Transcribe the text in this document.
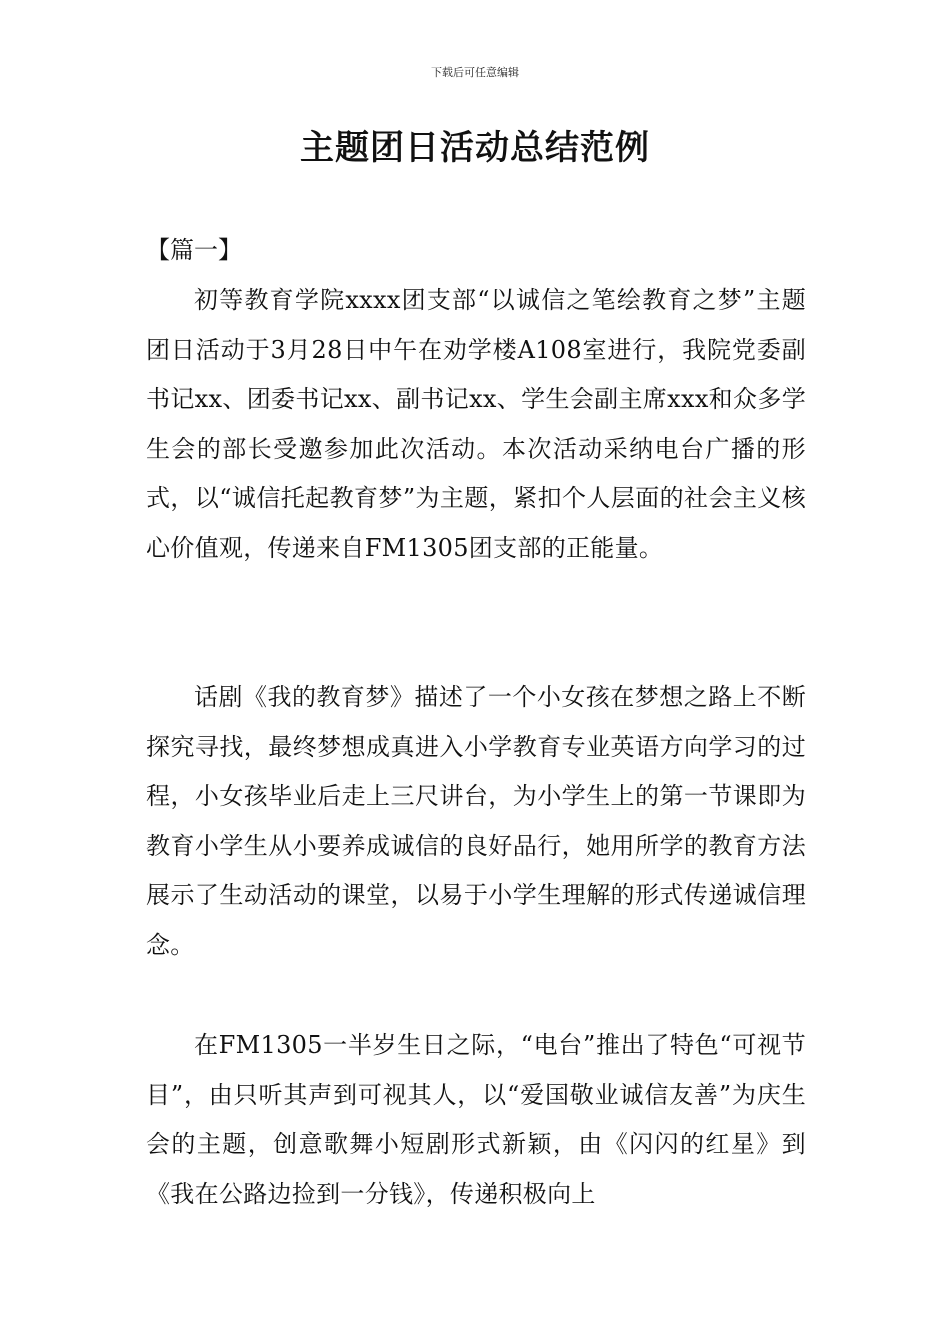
下载后可任意编辑
主题团日活动总结范例
【篇一】

初等教育学院xxxx团支部“以诚信之笔绘教育之梦”主题团日活动于3月28日中午在劝学楼A108室进行，我院党委副书记xx、团委书记xx、副书记xx、学生会副主席xxx和众多学生会的部长受邀参加此次活动。本次活动采纳电台广播的形式，以“诚信托起教育梦”为主题，紧扣个人层面的社会主义核心价值观，传递来自FM1305团支部的正能量。

话剧《我的教育梦》描述了一个小女孩在梦想之路上不断探究寻找，最终梦想成真进入小学教育专业英语方向学习的过程，小女孩毕业后走上三尺讲台，为小学生上的第一节课即为教育小学生从小要养成诚信的良好品行，她用所学的教育方法展示了生动活动的课堂，以易于小学生理解的形式传递诚信理念。

在FM1305一半岁生日之际，“电台”推出了特色“可视节目”，由只听其声到可视其人，以“爱国敬业诚信友善”为庆生会的主题，创意歌舞小短剧形式新颖，由《闪闪的红星》到《我在公路边捡到一分钱》，传递积极向上
